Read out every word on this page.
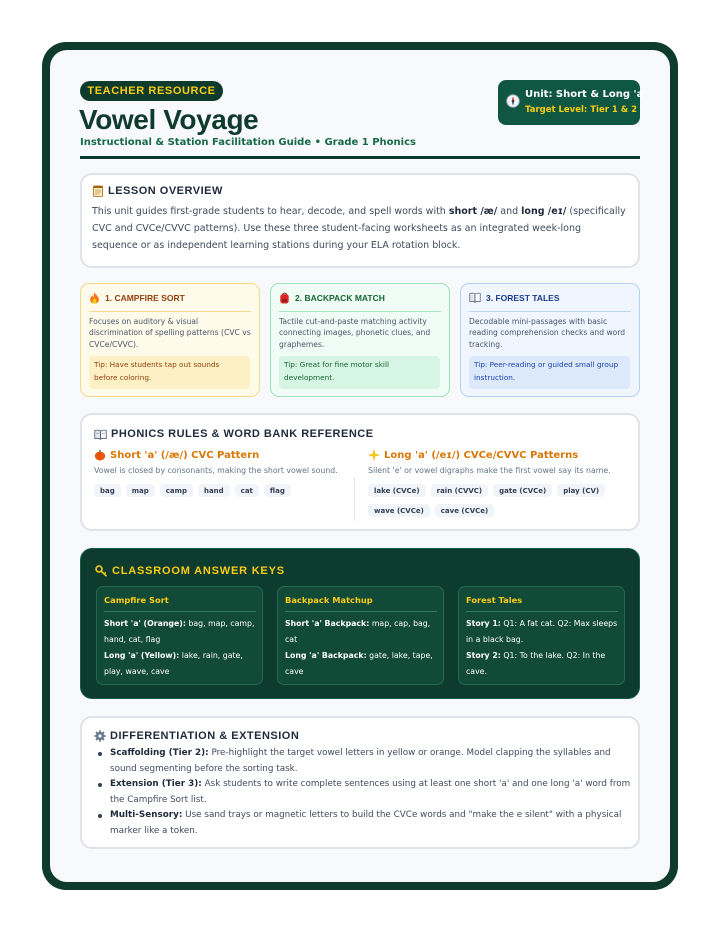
TEACHER RESOURCE
Vowel Voyage
Instructional & Station Facilitation Guide • Grade 1 Phonics
Unit: Short & Long 'a'
Target Level: Tier 1 & 2
LESSON OVERVIEW

This unit guides first-grade students to hear, decode, and spell words with short /æ/ and long /eɪ/ (specifically CVC and CVCe/CVVC patterns). Use these three student-facing worksheets as an integrated week-long sequence or as independent learning stations during your ELA rotation block.

1. CAMPFIRE SORT
Focuses on auditory & visual discrimination of spelling patterns (CVC vs CVCe/CVVC).
Tip: Have students tap out sounds before coloring.
2. BACKPACK MATCH
Tactile cut-and-paste matching activity connecting images, phonetic clues, and graphemes.
Tip: Great for fine motor skill development.
3. FOREST TALES
Decodable mini-passages with basic reading comprehension checks and word tracking.
Tip: Peer-reading or guided small group instruction.
PHONICS RULES & WORD BANK REFERENCE
Short 'a' (/æ/) CVC Pattern
Vowel is closed by consonants, making the short vowel sound.
bag	map	camp	hand	cat	flag
Long 'a' (/eɪ/) CVCe/CVVC Patterns
Silent 'e' or vowel digraphs make the first vowel say its name.
lake (CVCe)	rain (CVVC)	gate (CVCe)	play (CV)
wave (CVCe)	cave (CVCe)
CLASSROOM ANSWER KEYS
Campfire Sort

Short 'a' (Orange): bag, map, camp, hand, cat, flag

Long 'a' (Yellow): lake, rain, gate, play, wave, cave

Backpack Matchup

Short 'a' Backpack: map, cap, bag, cat

Long 'a' Backpack: gate, lake, tape, cave

Forest Tales

Story 1: Q1: A fat cat. Q2: Max sleeps in a black bag.

Story 2: Q1: To the lake. Q2: In the cave.

DIFFERENTIATION & EXTENSION
Scaffolding (Tier 2): Pre-highlight the target vowel letters in yellow or orange. Model clapping the syllables and sound segmenting before the sorting task.
Extension (Tier 3): Ask students to write complete sentences using at least one short 'a' and one long 'a' word from the Campfire Sort list.
Multi-Sensory: Use sand trays or magnetic letters to build the CVCe words and "make the e silent" with a physical marker like a token.
